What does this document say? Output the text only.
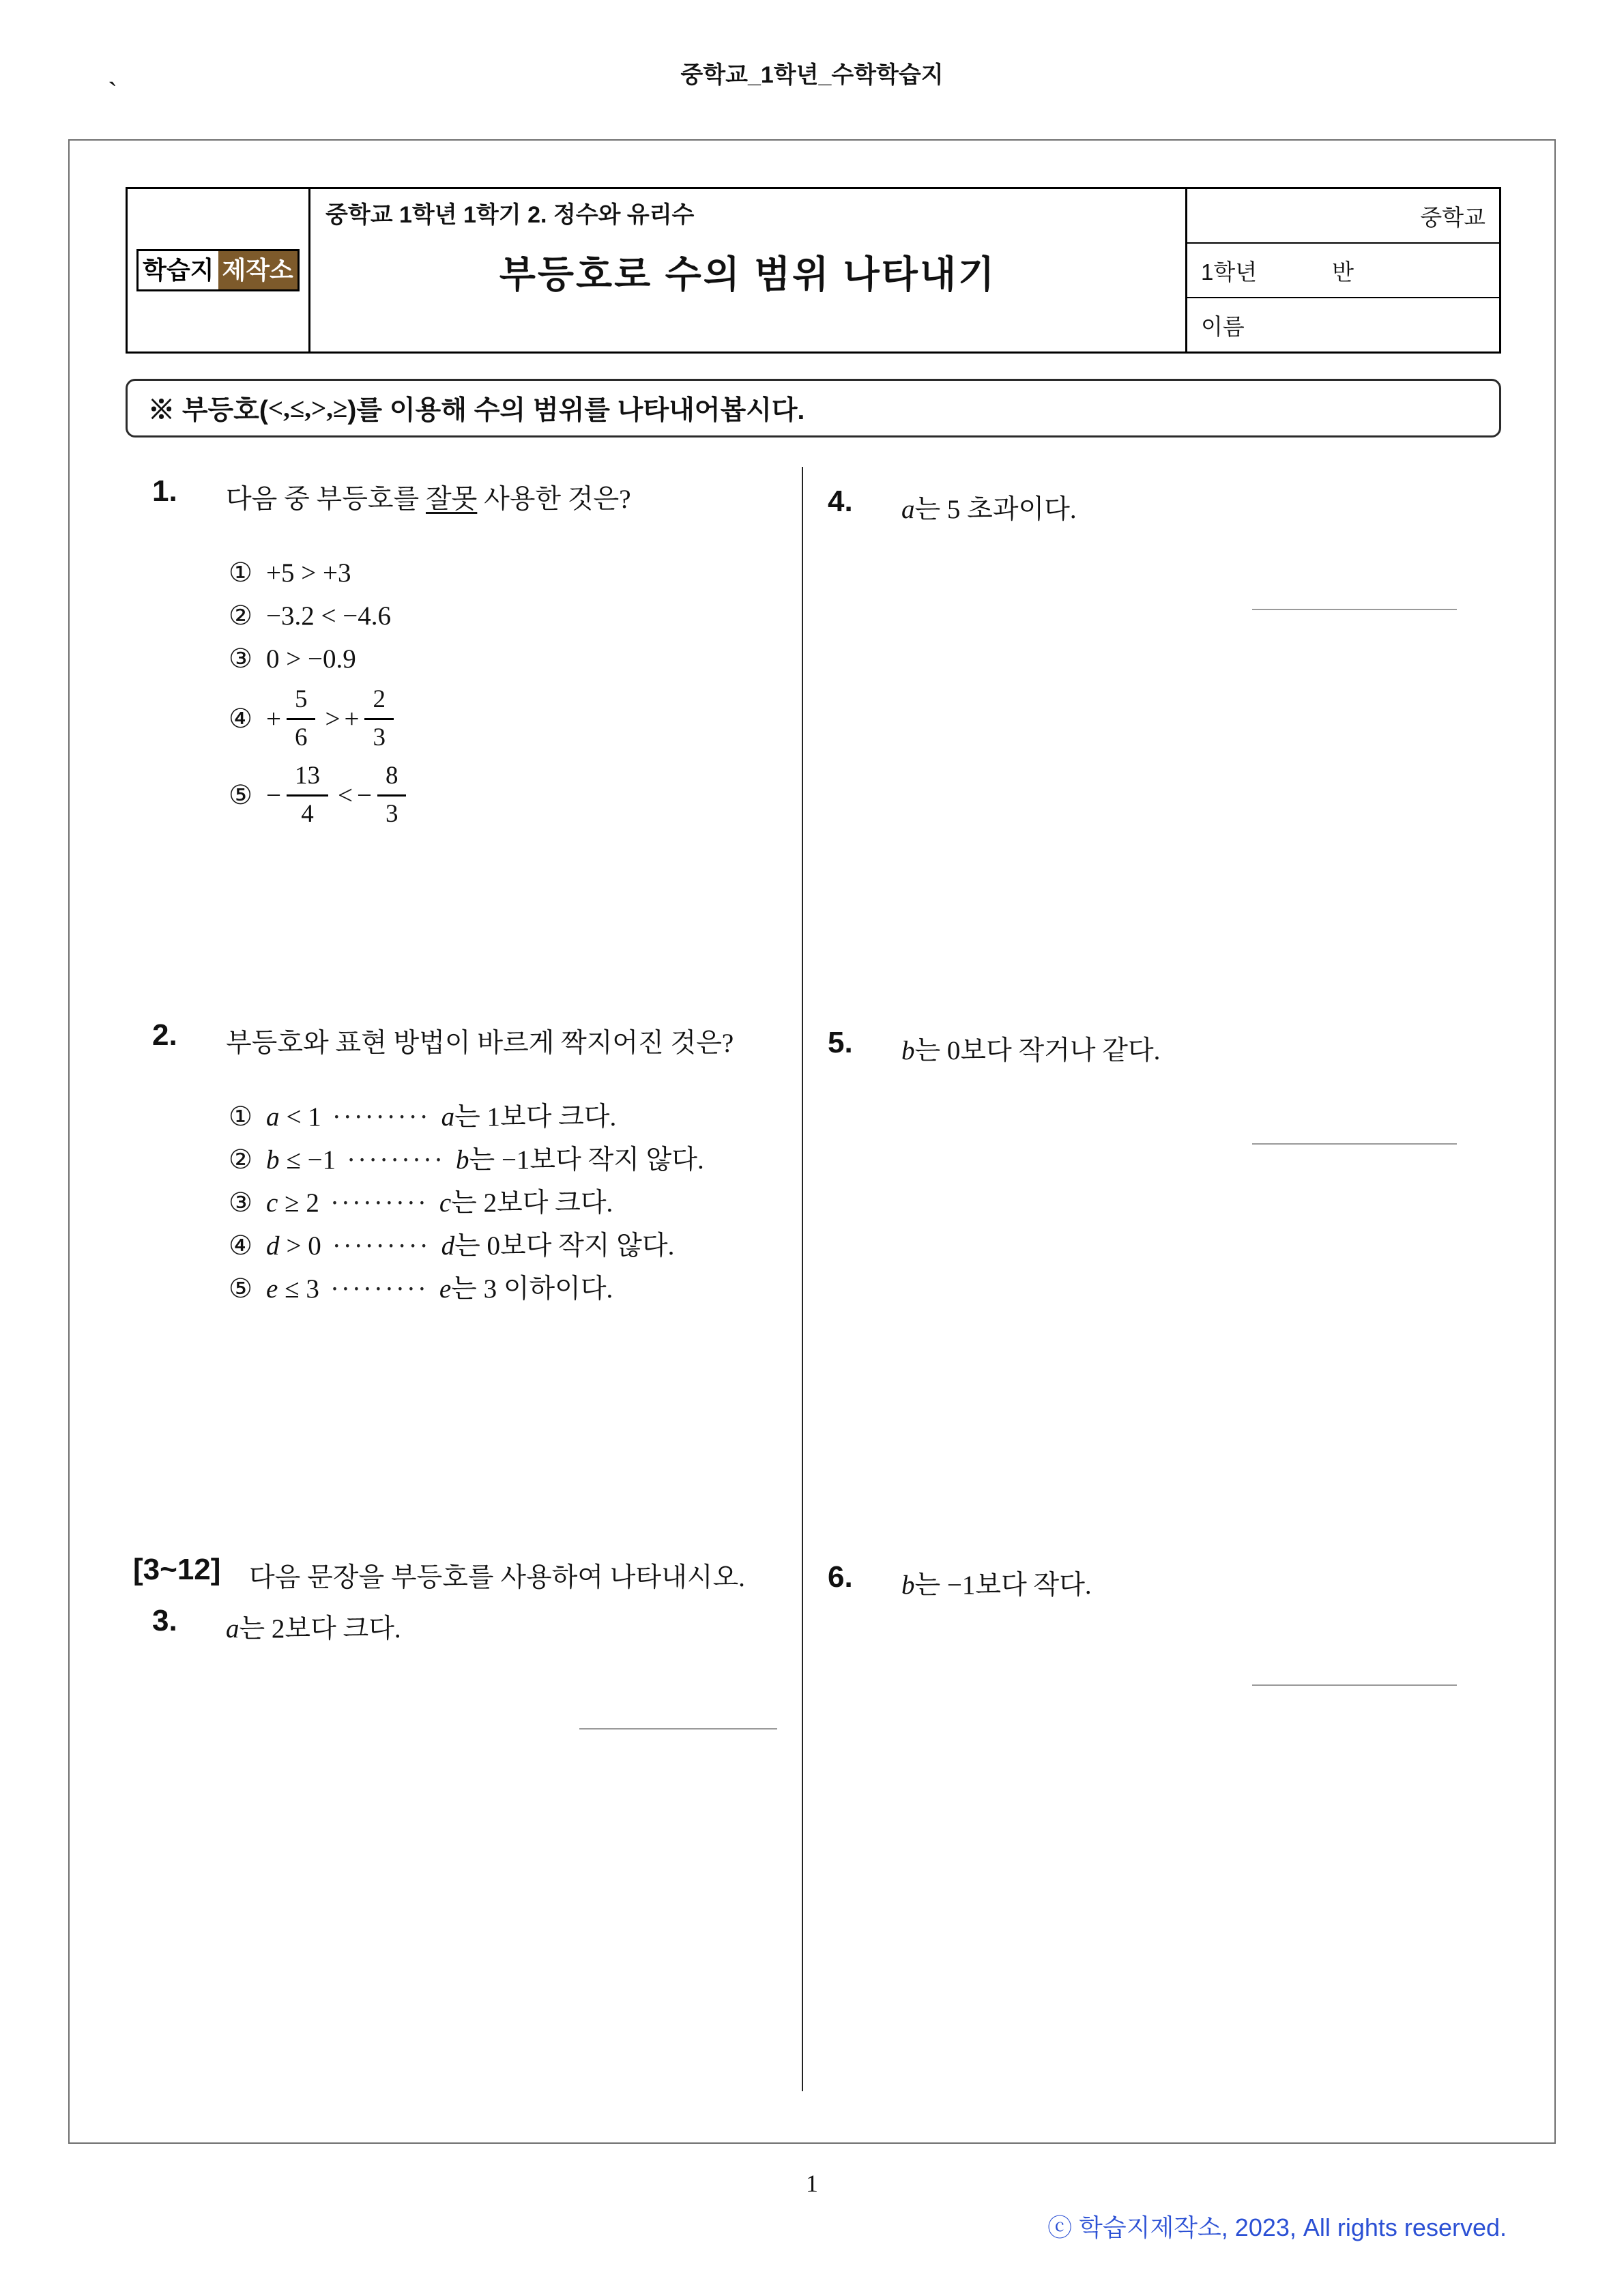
중학교_1학년_수학학습지
`
학습지 제작소
중학교 1학년 1학기 2. 정수와 유리수
부등호로 수의 범위 나타내기
중학교
1학년	반
이름
※ 부등호( <,≤,>,≥ )를 이용해 수의 범위를 나타내어봅시다.
1.	다음 중 부등호를 잘못 사용한 것은?
① +5 > +3
② −3.2 < −4.6
③ 0 > −0.9
④ + $\frac{5}{6}$ > + $\frac{2}{3}$
⑤ − $\frac{13}{4}$ < − $\frac{8}{3}$
2.	부등호와 표현 방법이 바르게 짝지어진 것은?
① a < 1 ········· a는 1보다 크다.
② b ≤ −1 ········· b는 −1보다 작지 않다.
③ c ≥ 2 ········· c는 2보다 크다.
④ d > 0 ········· d는 0보다 작지 않다.
⑤ e ≤ 3 ········· e는 3 이하이다.
[3~12]	다음 문장을 부등호를 사용하여 나타내시오.
3.	a는 2보다 크다.
4.	a는 5 초과이다.
5.	b는 0보다 작거나 같다.
6.	b는 −1보다 작다.
1
ⓒ 학습지제작소, 2023, All rights reserved.
